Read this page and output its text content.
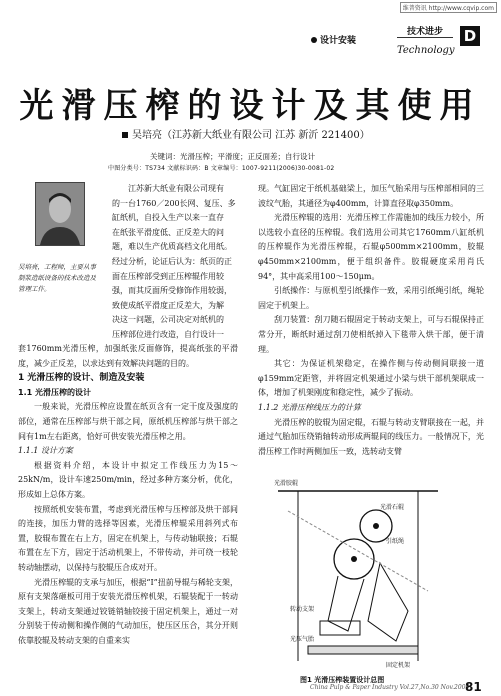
维普资讯 http://www.cqvip.com
设计安装
技术进步
Technology
D
光滑压榨的设计及其使用
吴培亮（江苏新大纸业有限公司 江苏 新沂 221400）
关键词：光滑压榨；平滑度；正反面差；自行设计
中图分类号：TS734 文献标识码：B 文章编号：1007-9211(2006)30-0081-02
吴培亮，工程师，主要从事制浆造纸设备的技术改造及管理工作。

江苏新大纸业有限公司现有

的一台1760／200长网、复压、多

缸纸机，自投入生产以来一直存

在纸张平滑度低、正反差大的问

题，难以生产优质高档文化用纸。

经过分析，论证后认为：纸页的正

面在压榨部受到正压榨辊作用较

强，而其反面所受修饰作用较弱，

致使成纸平滑度正反差大，为解

决这一问题，公司决定对纸机的

压榨部位进行改造，自行设计一

套1760mm光滑压榨，加强纸张反面修饰，提高纸张的平滑度，减少正反差，以求达到有效解决问题的目的。

1 光滑压榨的设计、制造及安装

1.1 光滑压榨的设计

一般来说，光滑压榨应设置在纸页含有一定干度及强度的部位，通常在压榨部与烘干部之间，原纸机压榨部与烘干部之间有1m左右距离，恰好可供安装光滑压榨之用。

1.1.1 设计方案

根据资料介绍，本设计中拟定工作线压力为15～25kN/m，设计车速250m/min，经过多种方案分析，优化，形成如上总体方案。

按照纸机安装布置，考虑到光滑压榨与压榨部及烘干部间的连接，加压力臂的选择等因素，光滑压榨辊采用斜列式布置，胶辊布置在右上方，固定在机架上，与传动轴联接；石辊布置在左下方，固定于活动机架上，不带传动，并可绕一枝轮转动轴摆动，以保持与胶辊压合成对开。

光滑压榨辊的支承与加压，根据“I”扭前导辊与稀轮支架，原有支架落砸板可用于安装光滑压榨机架，石辊装配于一转动支架上，转动支架通过铰链销轴铰接于固定机架上，通过一对分别装于传动侧和操作侧的气动加压，使压区压合，其分开则依靠胶辊及转动支架的自重来实

现。气缸固定于纸机基础梁上，加压气胎采用与压榨部相同的三波纹气胎，其通径为φ400mm，计算直径取φ350mm。

光滑压榨辊的选用：光滑压榨工作需施加的线压力较小，所以选较小直径的压榨辊。我们选用公司其它1760mm八缸纸机的压榨辊作为光滑压榨辊，石辊φ500mm×2100mm，胶辊φ450mm×2100mm，便于组织备件。胶辊硬度采用肖氏94°，其中高采用100～150μm。

引纸操作：与原机型引纸操作一致，采用引纸绳引纸，绳轮固定于机架上。

刮刀装置：刮刀随石辊固定于转动支架上，可与石辊保持正常分开，断纸时通过刮刀使相纸掉入下毯带入烘干部，便于清理。

其它：为保证机架稳定，在操作侧与传动侧间联接一道φ159mm定距管，并将固定机架通过小梁与烘干部机架联成一体，增加了机架刚度和稳定性，减少了振动。

1.1.2 光滑压榨线压力的计算

光滑压榨的胶辊为固定辊，石辊与转动支臂联接在一起，并通过气胎加压绕销轴转动形成两辊间的线压力。一般情况下，光滑压榨工作时两侧加压一致，选转动支臂

光滑胶辊
光滑石辊
转动支架
光压气胎
引纸绳
固定机架
图1 光滑压榨装置设计总图
China Pulp & Paper Industry Vol.27,No.30 Nov.2006
81
